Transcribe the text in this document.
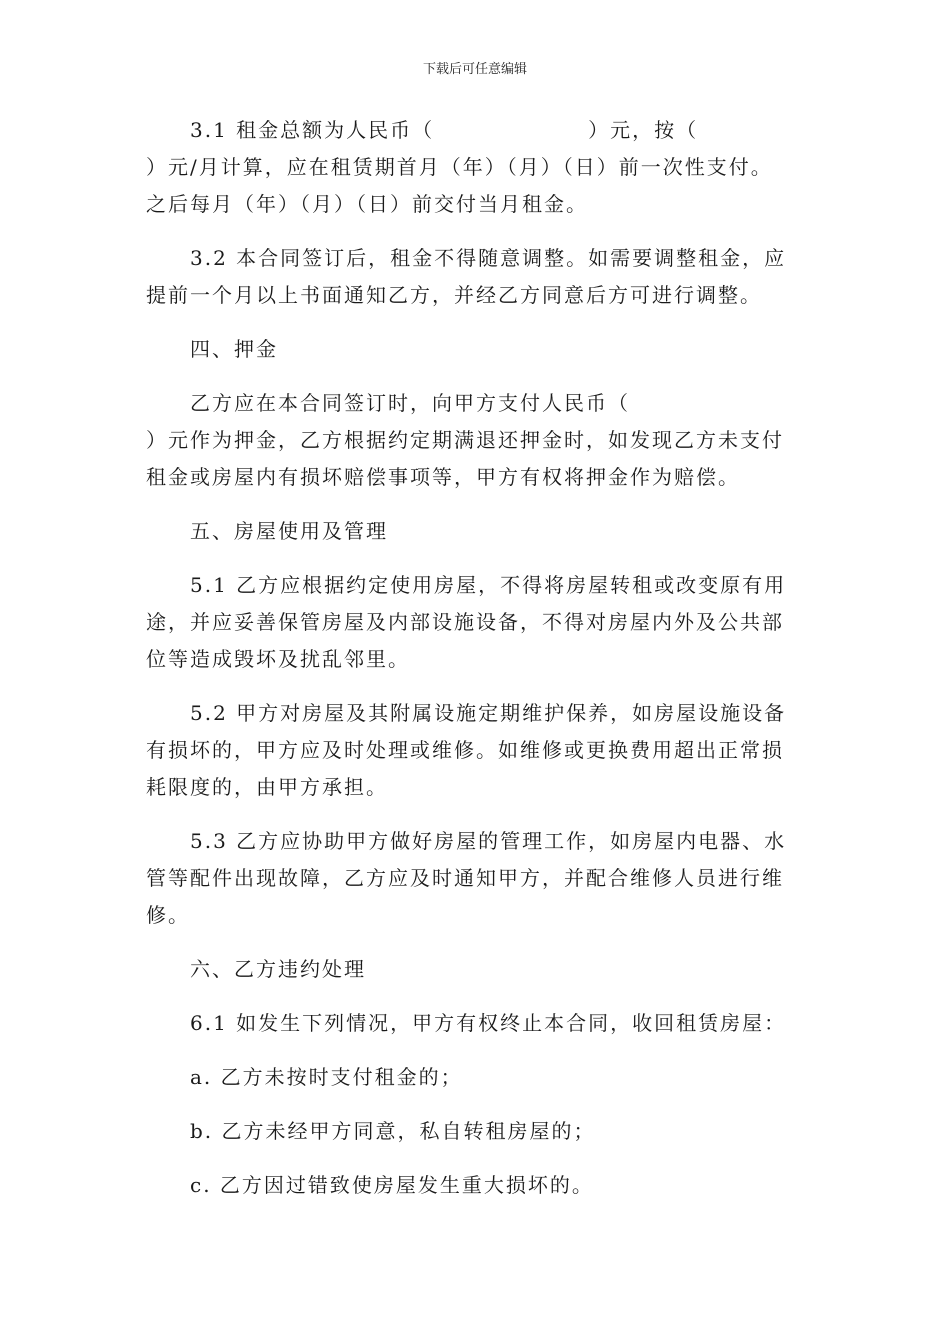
下载后可任意编辑
3.1 租金总额为人民币（　　　　　　　）元，按（
）元/月计算，应在租赁期首月（年）（月）（日）前一次性支付。
之后每月（年）（月）（日）前交付当月租金。
3.2 本合同签订后，租金不得随意调整。如需要调整租金，应
提前一个月以上书面通知乙方，并经乙方同意后方可进行调整。

四、押金

乙方应在本合同签订时，向甲方支付人民币（
）元作为押金，乙方根据约定期满退还押金时，如发现乙方未支付
租金或房屋内有损坏赔偿事项等，甲方有权将押金作为赔偿。

五、房屋使用及管理

5.1 乙方应根据约定使用房屋，不得将房屋转租或改变原有用
途，并应妥善保管房屋及内部设施设备，不得对房屋内外及公共部
位等造成毁坏及扰乱邻里。
5.2 甲方对房屋及其附属设施定期维护保养，如房屋设施设备
有损坏的，甲方应及时处理或维修。如维修或更换费用超出正常损
耗限度的，由甲方承担。
5.3 乙方应协助甲方做好房屋的管理工作，如房屋内电器、水
管等配件出现故障，乙方应及时通知甲方，并配合维修人员进行维
修。

六、乙方违约处理

6.1 如发生下列情况，甲方有权终止本合同，收回租赁房屋：

a. 乙方未按时支付租金的；

b. 乙方未经甲方同意，私自转租房屋的；

c. 乙方因过错致使房屋发生重大损坏的。
